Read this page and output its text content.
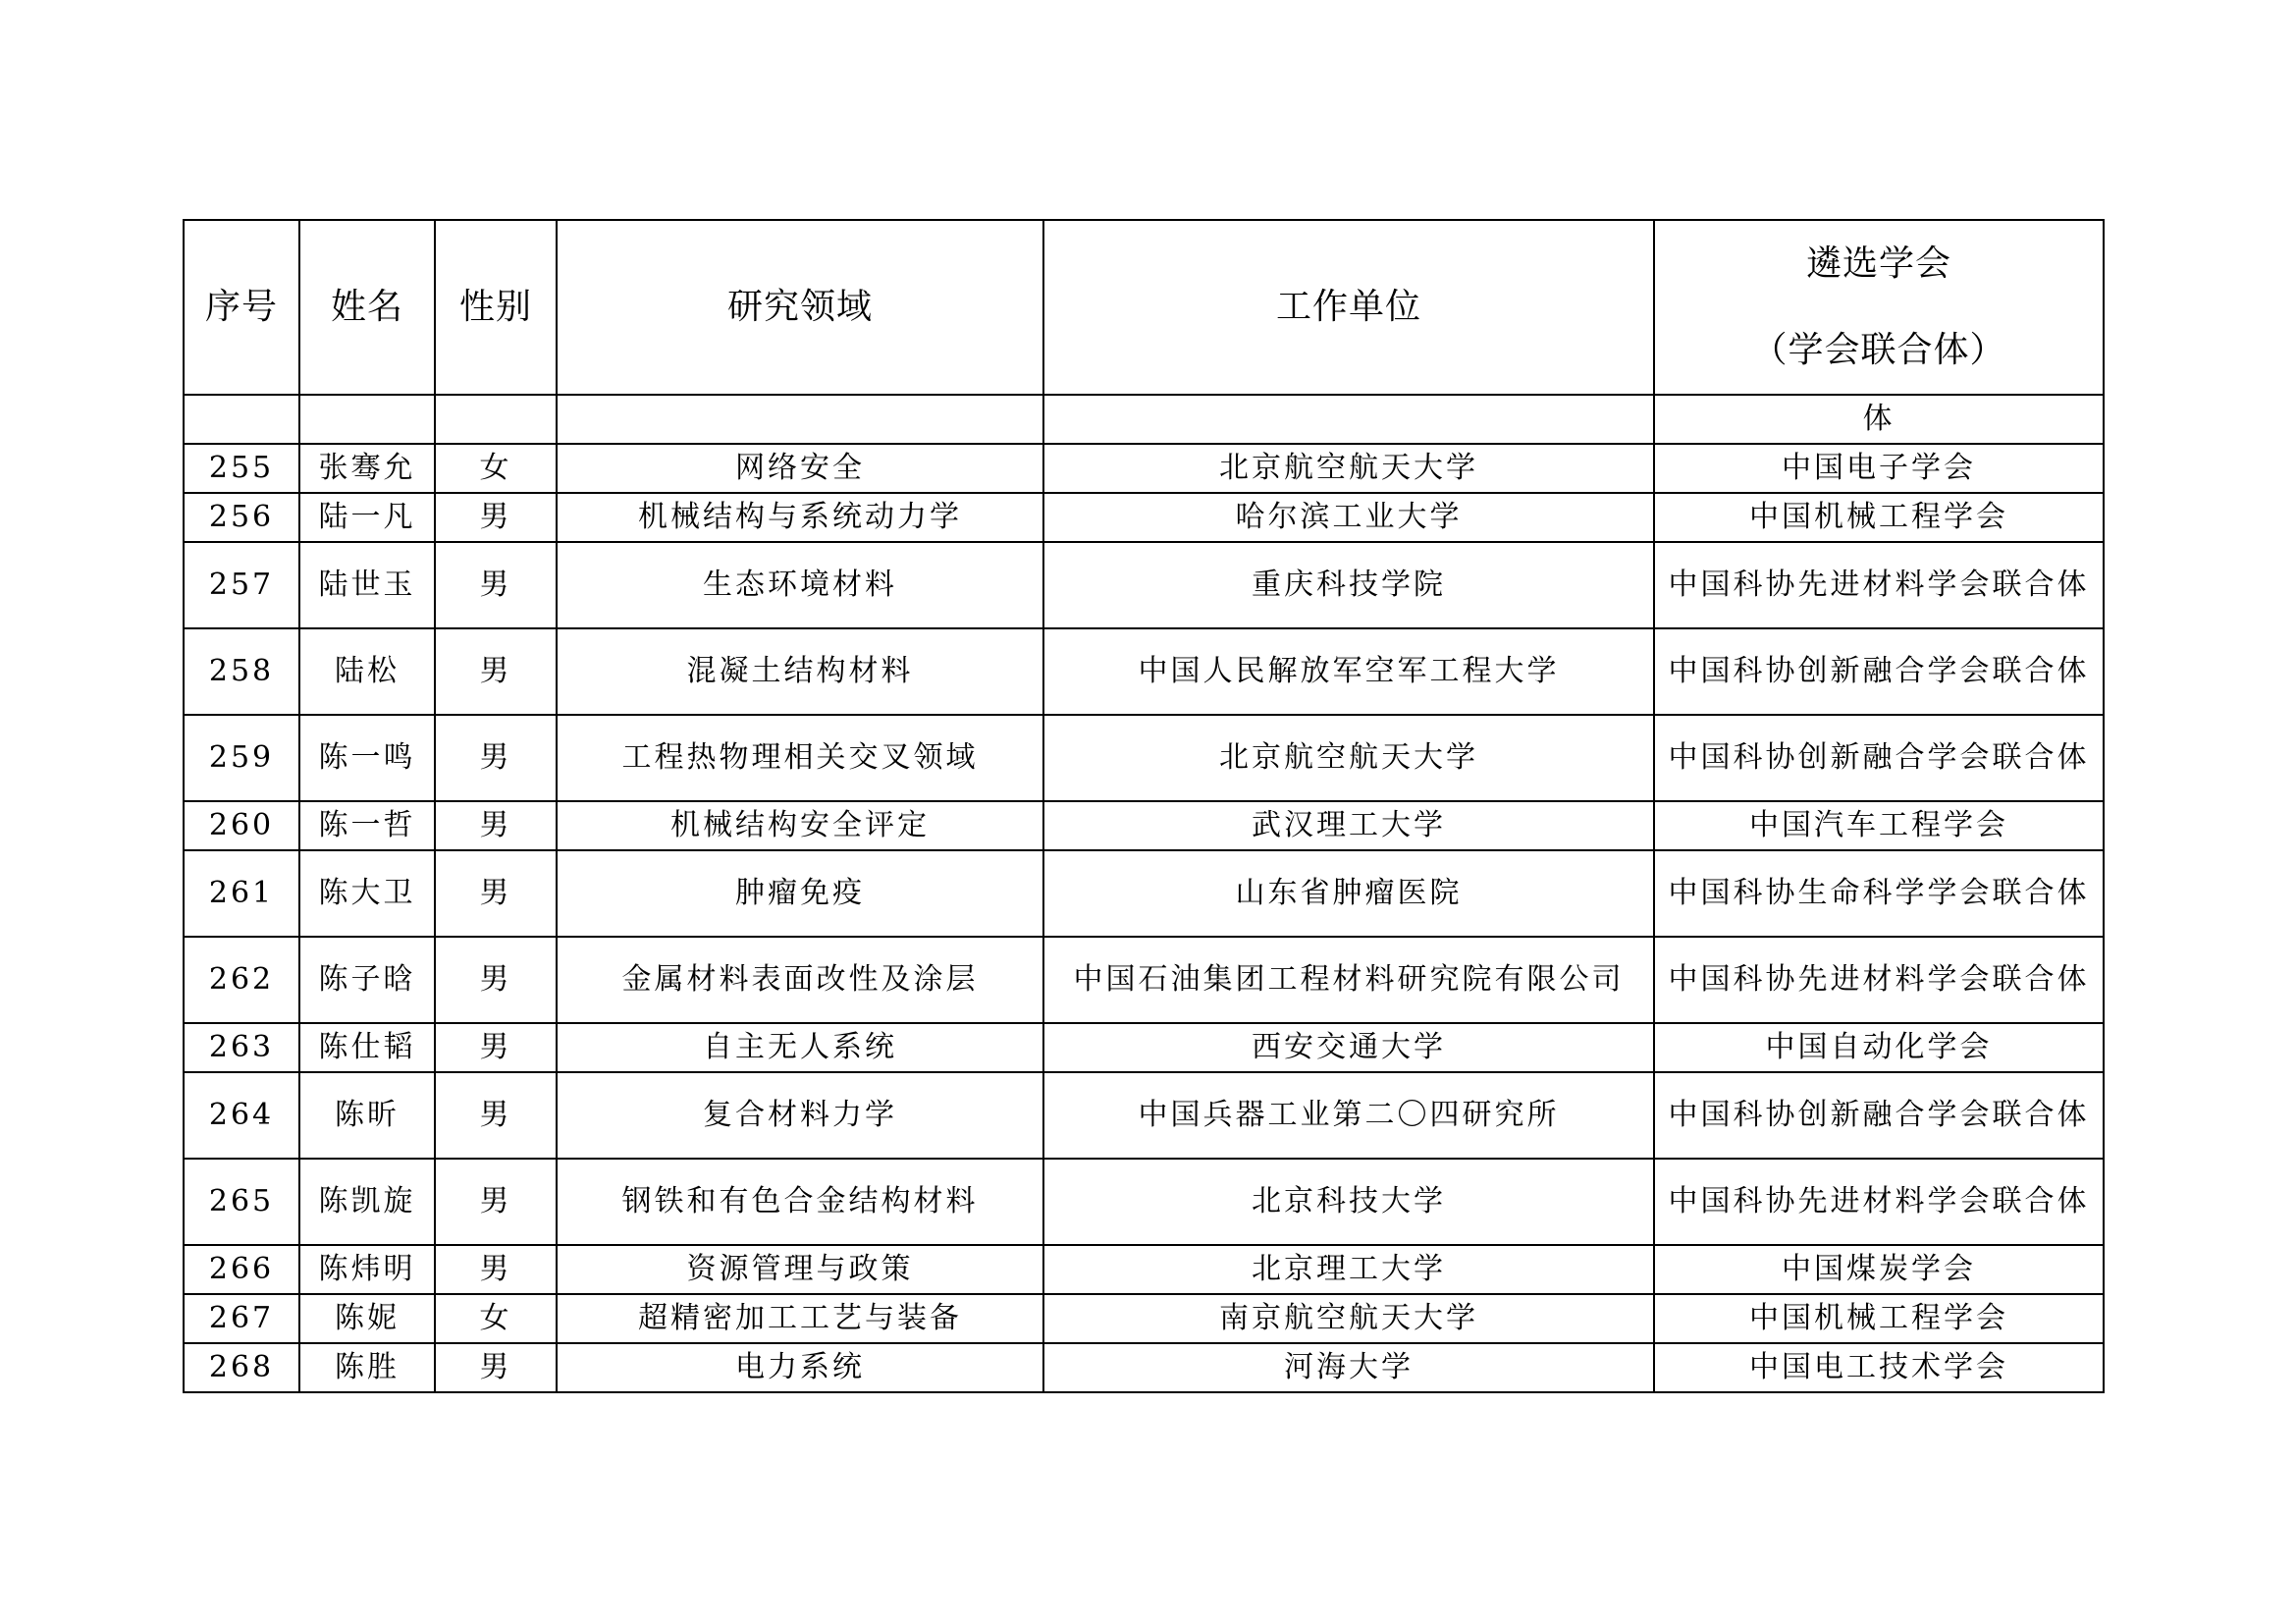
序号	姓名	性别	研究领域	工作单位	遴选学会
（学会联合体）

					体
255	张骞允	女	网络安全	北京航空航天大学	中国电子学会
256	陆一凡	男	机械结构与系统动力学	哈尔滨工业大学	中国机械工程学会
257	陆世玉	男	生态环境材料	重庆科技学院	中国科协先进材料学会联合体
258	陆松	男	混凝土结构材料	中国人民解放军空军工程大学	中国科协创新融合学会联合体
259	陈一鸣	男	工程热物理相关交叉领域	北京航空航天大学	中国科协创新融合学会联合体
260	陈一哲	男	机械结构安全评定	武汉理工大学	中国汽车工程学会
261	陈大卫	男	肿瘤免疫	山东省肿瘤医院	中国科协生命科学学会联合体
262	陈子晗	男	金属材料表面改性及涂层	中国石油集团工程材料研究院有限公司	中国科协先进材料学会联合体
263	陈仕韬	男	自主无人系统	西安交通大学	中国自动化学会
264	陈昕	男	复合材料力学	中国兵器工业第二〇四研究所	中国科协创新融合学会联合体
265	陈凯旋	男	钢铁和有色合金结构材料	北京科技大学	中国科协先进材料学会联合体
266	陈炜明	男	资源管理与政策	北京理工大学	中国煤炭学会
267	陈妮	女	超精密加工工艺与装备	南京航空航天大学	中国机械工程学会
268	陈胜	男	电力系统	河海大学	中国电工技术学会
